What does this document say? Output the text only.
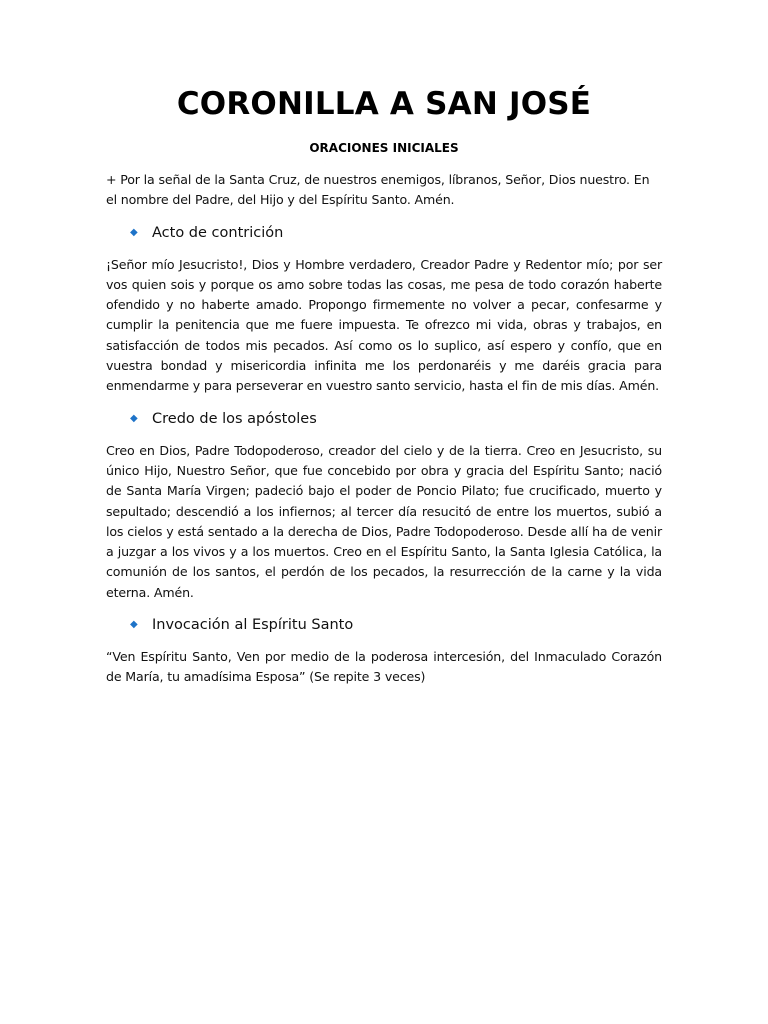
CORONILLA A SAN JOSÉ
ORACIONES INICIALES

+ Por la señal de la Santa Cruz, de nuestros enemigos, líbranos, Señor, Dios nuestro. En el nombre del Padre, del Hijo y del Espíritu Santo. Amén.

◆ Acto de contrición

¡Señor mío Jesucristo!, Dios y Hombre verdadero, Creador Padre y Redentor mío; por ser vos quien sois y porque os amo sobre todas las cosas, me pesa de todo corazón haberte ofendido y no haberte amado. Propongo firmemente no volver a pecar, confesarme y cumplir la penitencia que me fuere impuesta. Te ofrezco mi vida, obras y trabajos, en satisfacción de todos mis pecados. Así como os lo suplico, así espero y confío, que en vuestra bondad y misericordia infinita me los perdonaréis y me daréis gracia para enmendarme y para perseverar en vuestro santo servicio, hasta el fin de mis días. Amén.

◆ Credo de los apóstoles

Creo en Dios, Padre Todopoderoso, creador del cielo y de la tierra. Creo en Jesucristo, su único Hijo, Nuestro Señor, que fue concebido por obra y gracia del Espíritu Santo; nació de Santa María Virgen; padeció bajo el poder de Poncio Pilato; fue crucificado, muerto y sepultado; descendió a los infiernos; al tercer día resucitó de entre los muertos, subió a los cielos y está sentado a la derecha de Dios, Padre Todopoderoso. Desde allí ha de venir a juzgar a los vivos y a los muertos. Creo en el Espíritu Santo, la Santa Iglesia Católica, la comunión de los santos, el perdón de los pecados, la resurrección de la carne y la vida eterna. Amén.

◆ Invocación al Espíritu Santo

“Ven Espíritu Santo, Ven por medio de la poderosa intercesión, del Inmaculado Corazón de María, tu amadísima Esposa” (Se repite 3 veces)
